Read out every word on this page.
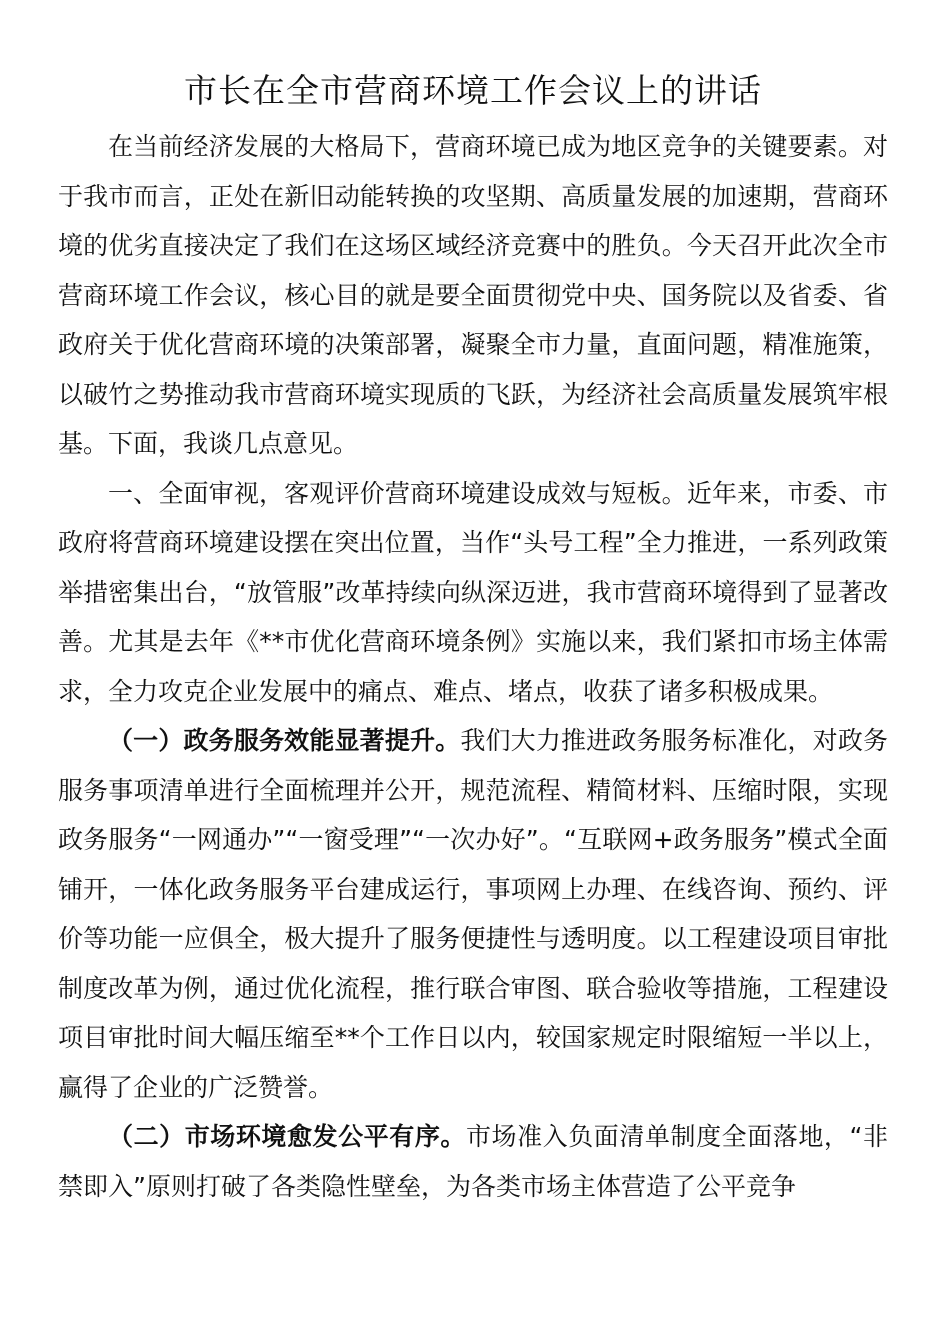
市长在全市营商环境工作会议上的讲话

在当前经济发展的大格局下，营商环境已成为地区竞争的关键要素。对于我市而言，正处在新旧动能转换的攻坚期、高质量发展的加速期，营商环境的优劣直接决定了我们在这场区域经济竞赛中的胜负。今天召开此次全市营商环境工作会议，核心目的就是要全面贯彻党中央、国务院以及省委、省政府关于优化营商环境的决策部署，凝聚全市力量，直面问题，精准施策，以破竹之势推动我市营商环境实现质的飞跃，为经济社会高质量发展筑牢根基。下面，我谈几点意见。

一、全面审视，客观评价营商环境建设成效与短板。近年来，市委、市政府将营商环境建设摆在突出位置，当作“头号工程”全力推进，一系列政策举措密集出台，“放管服”改革持续向纵深迈进，我市营商环境得到了显著改善。尤其是去年《**市优化营商环境条例》实施以来，我们紧扣市场主体需求，全力攻克企业发展中的痛点、难点、堵点，收获了诸多积极成果。

（一）政务服务效能显著提升。我们大力推进政务服务标准化，对政务服务事项清单进行全面梳理并公开，规范流程、精简材料、压缩时限，实现政务服务“一网通办”“一窗受理”“一次办好”。“互联网+政务服务”模式全面铺开，一体化政务服务平台建成运行，事项网上办理、在线咨询、预约、评价等功能一应俱全，极大提升了服务便捷性与透明度。以工程建设项目审批制度改革为例，通过优化流程，推行联合审图、联合验收等措施，工程建设项目审批时间大幅压缩至**个工作日以内，较国家规定时限缩短一半以上，赢得了企业的广泛赞誉。

（二）市场环境愈发公平有序。市场准入负面清单制度全面落地，“非禁即入”原则打破了各类隐性壁垒，为各类市场主体营造了公平竞争
